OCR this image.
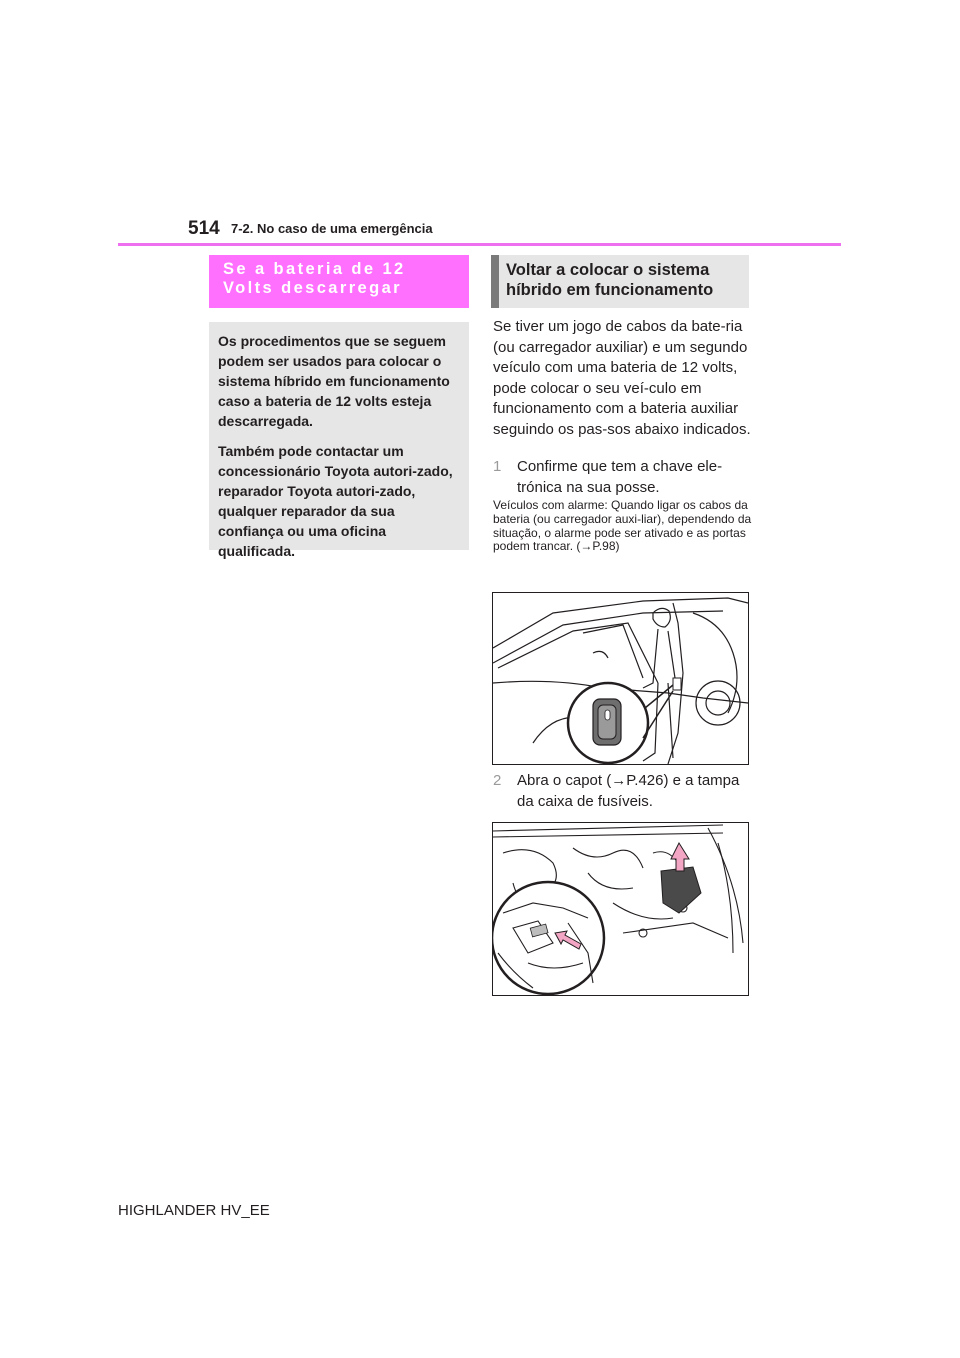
514 7-2. No caso de uma emergência
Se a bateria de 12 Volts descarregar

Os procedimentos que se seguem podem ser usados para colocar o sistema híbrido em funcionamento caso a bateria de 12 volts esteja descarregada.

Também pode contactar um concessionário Toyota autori-zado, reparador Toyota autori-zado, qualquer reparador da sua confiança ou uma oficina qualificada.

Voltar a colocar o sistema híbrido em funcionamento
Se tiver um jogo de cabos da bate-ria (ou carregador auxiliar) e um segundo veículo com uma bateria de 12 volts, pode colocar o seu veí-culo em funcionamento com a bateria auxiliar seguindo os pas-sos abaixo indicados.
1	Confirme que tem a chave ele-trónica na sua posse.
Veículos com alarme: Quando ligar os cabos da bateria (ou carregador auxi-liar), dependendo da situação, o alarme pode ser ativado e as portas podem trancar. (→P.98)
2	Abra o capot (→P.426) e a tampa da caixa de fusíveis.
HIGHLANDER HV_EE
